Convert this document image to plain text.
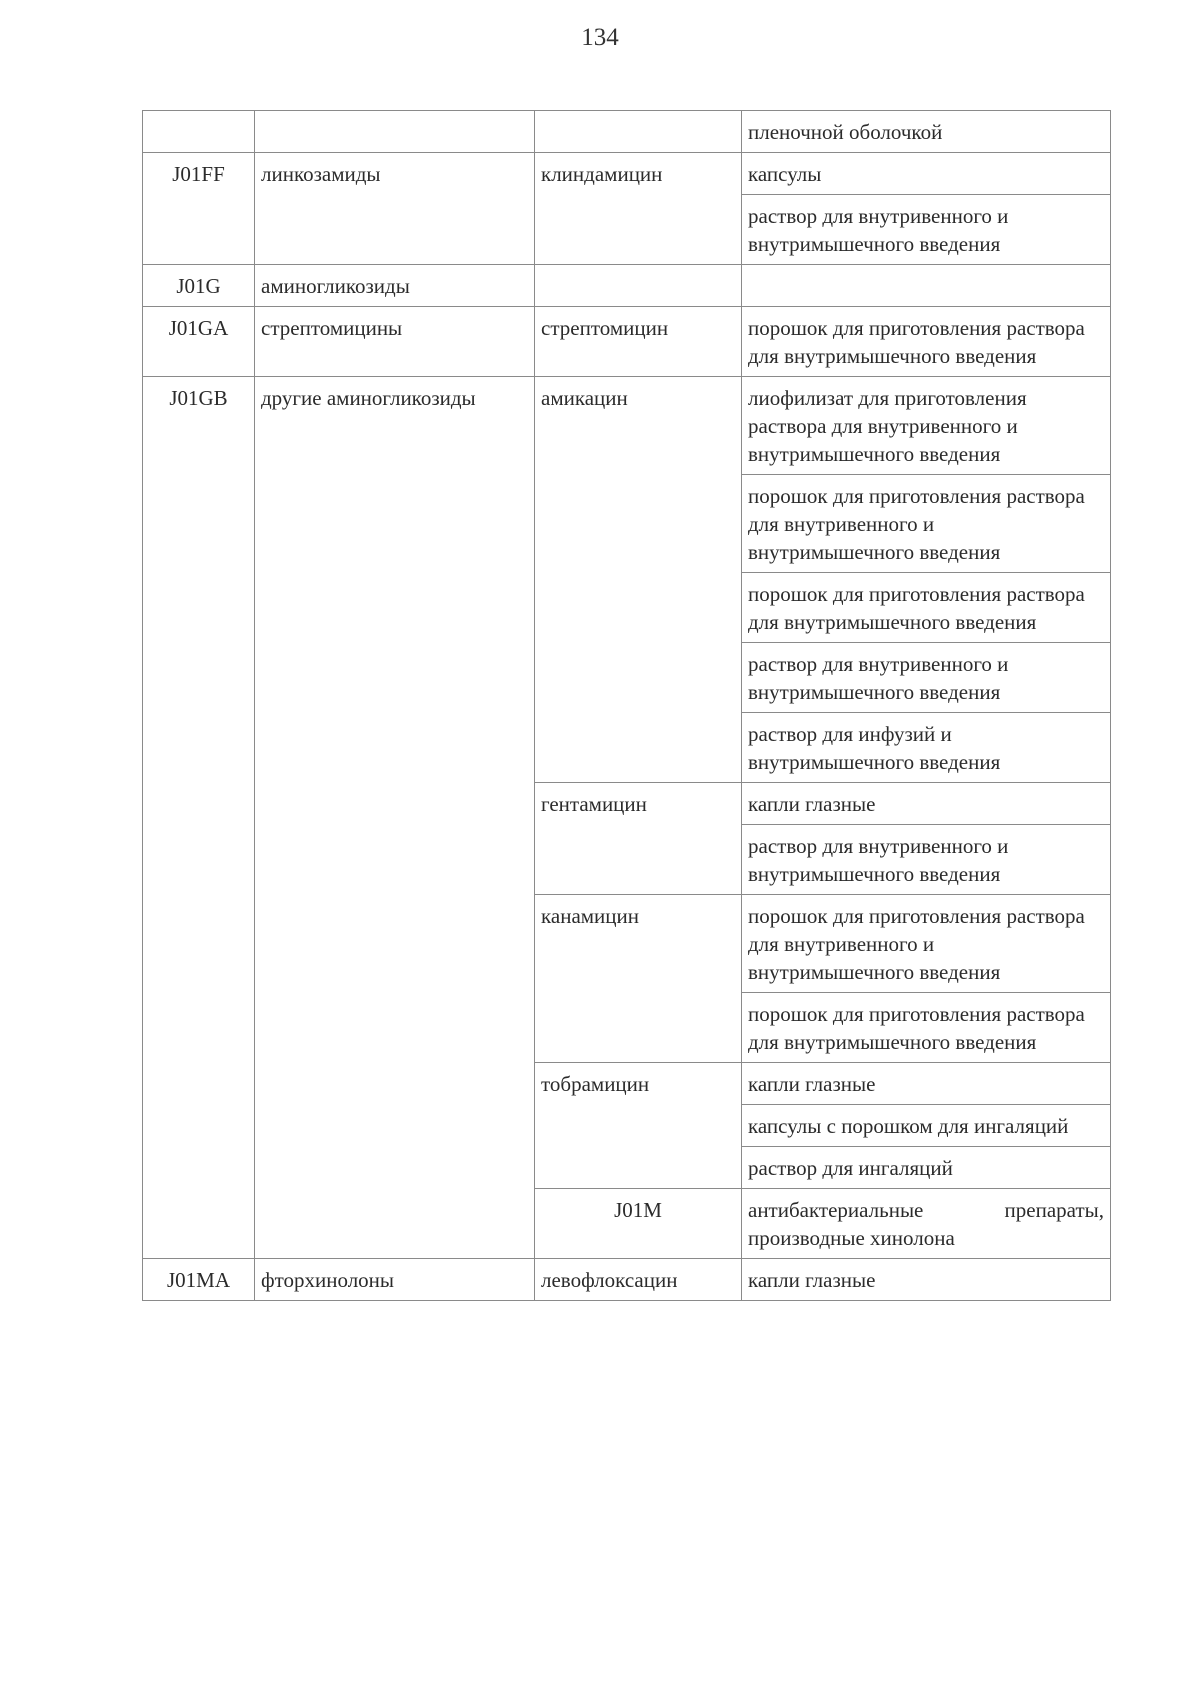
134
			пленочной оболочкой	
J01FF	линкозамиды	клиндамицин	капсулы	
			раствор для внутривенного и внутримышечного введения	
J01G	аминогликозиды			
J01GA	стрептомицины	стрептомицин	порошок для приготовления раствора для внутримышечного введения	
J01GB	другие аминогликозиды	амикацин	лиофилизат для приготовления раствора для внутривенного и внутримышечного введения	
			порошок для приготовления раствора для внутривенного и внутримышечного введения	
			порошок для приготовления раствора для внутримышечного введения	
			раствор для внутривенного и внутримышечного введения	
			раствор для инфузий и внутримышечного введения	
		гентамицин	капли глазные	
			раствор для внутривенного и внутримышечного введения	
		канамицин	порошок для приготовления раствора для внутривенного и внутримышечного введения	
			порошок для приготовления раствора для внутримышечного введения	
		тобрамицин	капли глазные	
			капсулы с порошком для ингаляций	
			раствор для ингаляций	
		J01M	антибактериальные препараты, производные хинолона		
J01MA	фторхинолоны	левофлоксацин	капли глазные	
